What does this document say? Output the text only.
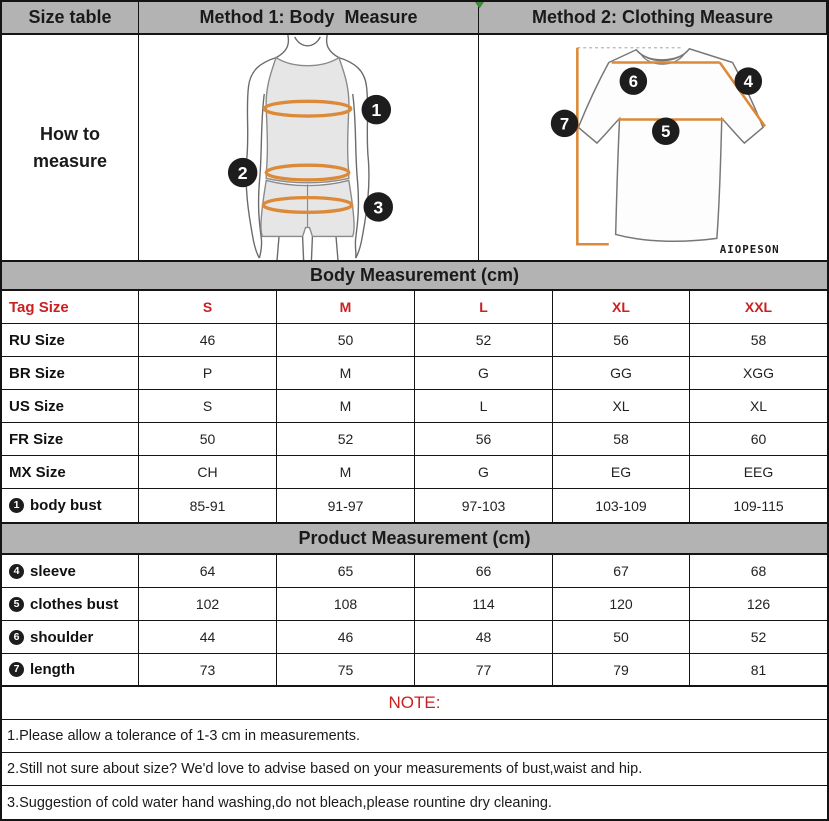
Size table	Method 1: Body  Measure	Method 2: Clothing Measure
How to measure
1
2
3
6	4
7	5
AIOPESON
Body Measurement (cm)
Tag Size	S	M	L	XL	XXL
RU Size	46	50	52	56	58
BR Size	P	M	G	GG	XGG
US Size	S	M	L	XL	XL
FR Size	50	52	56	58	60
MX Size	CH	M	G	EG	EEG
1 body bust	85-91	91-97	97-103	103-109	109-115
Product Measurement (cm)
4 sleeve	64	65	66	67	68
5 clothes bust	102	108	114	120	126
6 shoulder	44	46	48	50	52
7 length	73	75	77	79	81
NOTE:
1.Please allow a tolerance of 1-3 cm in measurements.
2.Still not sure about size? We'd love to advise based on your measurements of bust,waist and hip.
3.Suggestion of cold water hand washing,do not bleach,please rountine dry cleaning.
